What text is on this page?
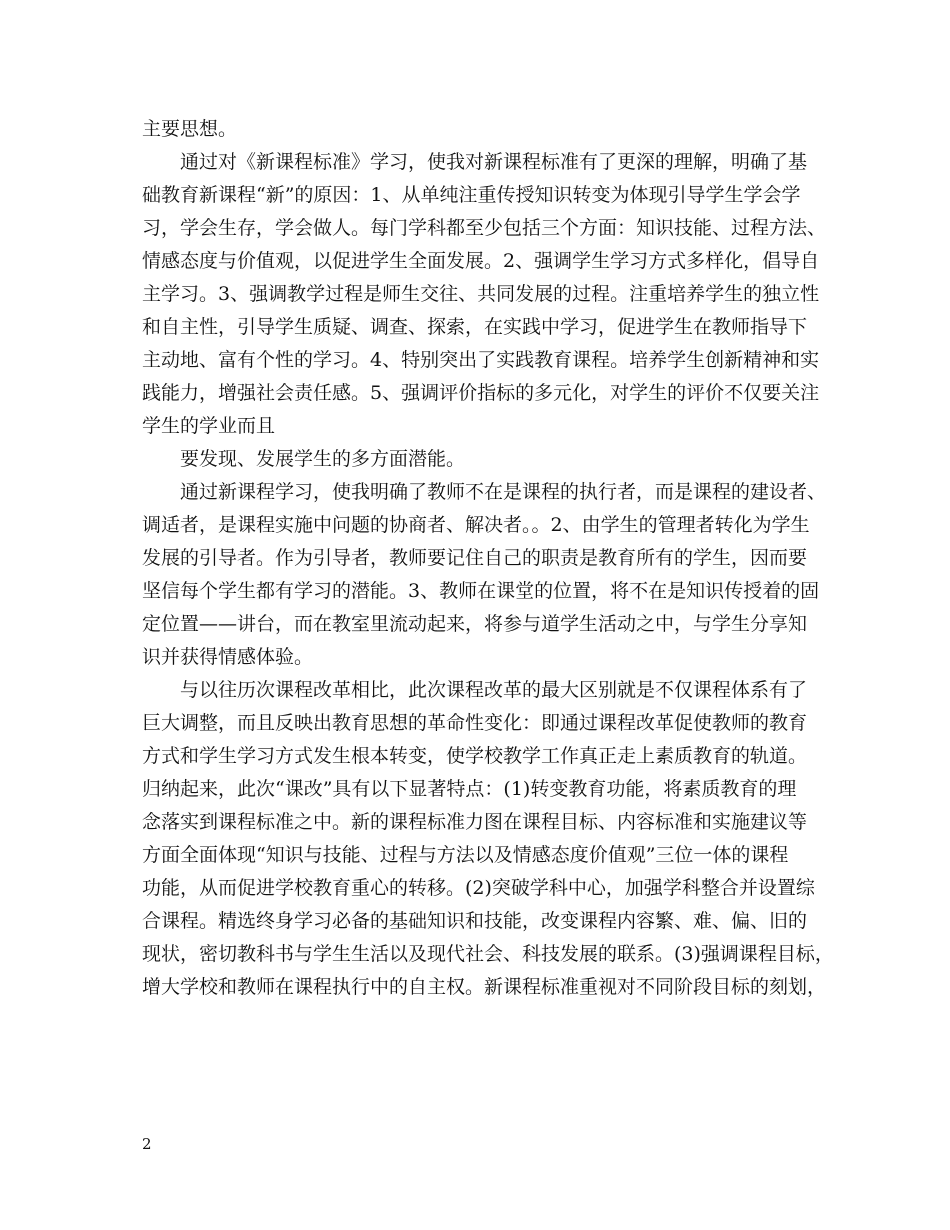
主要思想。
通过对《新课程标准》学习，使我对新课程标准有了更深的理解，明确了基
础教育新课程“新”的原因：1、从单纯注重传授知识转变为体现引导学生学会学
习，学会生存，学会做人。每门学科都至少包括三个方面：知识技能、过程方法、
情感态度与价值观，以促进学生全面发展。2、强调学生学习方式多样化，倡导自
主学习。3、强调教学过程是师生交往、共同发展的过程。注重培养学生的独立性
和自主性，引导学生质疑、调查、探索，在实践中学习，促进学生在教师指导下
主动地、富有个性的学习。4、特别突出了实践教育课程。培养学生创新精神和实
践能力，增强社会责任感。5、强调评价指标的多元化，对学生的评价不仅要关注
学生的学业而且
要发现、发展学生的多方面潜能。
通过新课程学习，使我明确了教师不在是课程的执行者，而是课程的建设者、
调适者，是课程实施中问题的协商者、解决者。。2、由学生的管理者转化为学生
发展的引导者。作为引导者，教师要记住自己的职责是教育所有的学生，因而要
坚信每个学生都有学习的潜能。3、教师在课堂的位置，将不在是知识传授着的固
定位置——讲台，而在教室里流动起来，将参与道学生活动之中，与学生分享知
识并获得情感体验。
与以往历次课程改革相比，此次课程改革的最大区别就是不仅课程体系有了
巨大调整，而且反映出教育思想的革命性变化：即通过课程改革促使教师的教育
方式和学生学习方式发生根本转变，使学校教学工作真正走上素质教育的轨道。
归纳起来，此次“课改”具有以下显著特点：(1)转变教育功能，将素质教育的理
念落实到课程标准之中。新的课程标准力图在课程目标、内容标准和实施建议等
方面全面体现“知识与技能、过程与方法以及情感态度价值观”三位一体的课程
功能，从而促进学校教育重心的转移。(2)突破学科中心，加强学科整合并设置综
合课程。精选终身学习必备的基础知识和技能，改变课程内容繁、难、偏、旧的
现状，密切教科书与学生生活以及现代社会、科技发展的联系。(3)强调课程目标，
增大学校和教师在课程执行中的自主权。新课程标准重视对不同阶段目标的刻划，
2
